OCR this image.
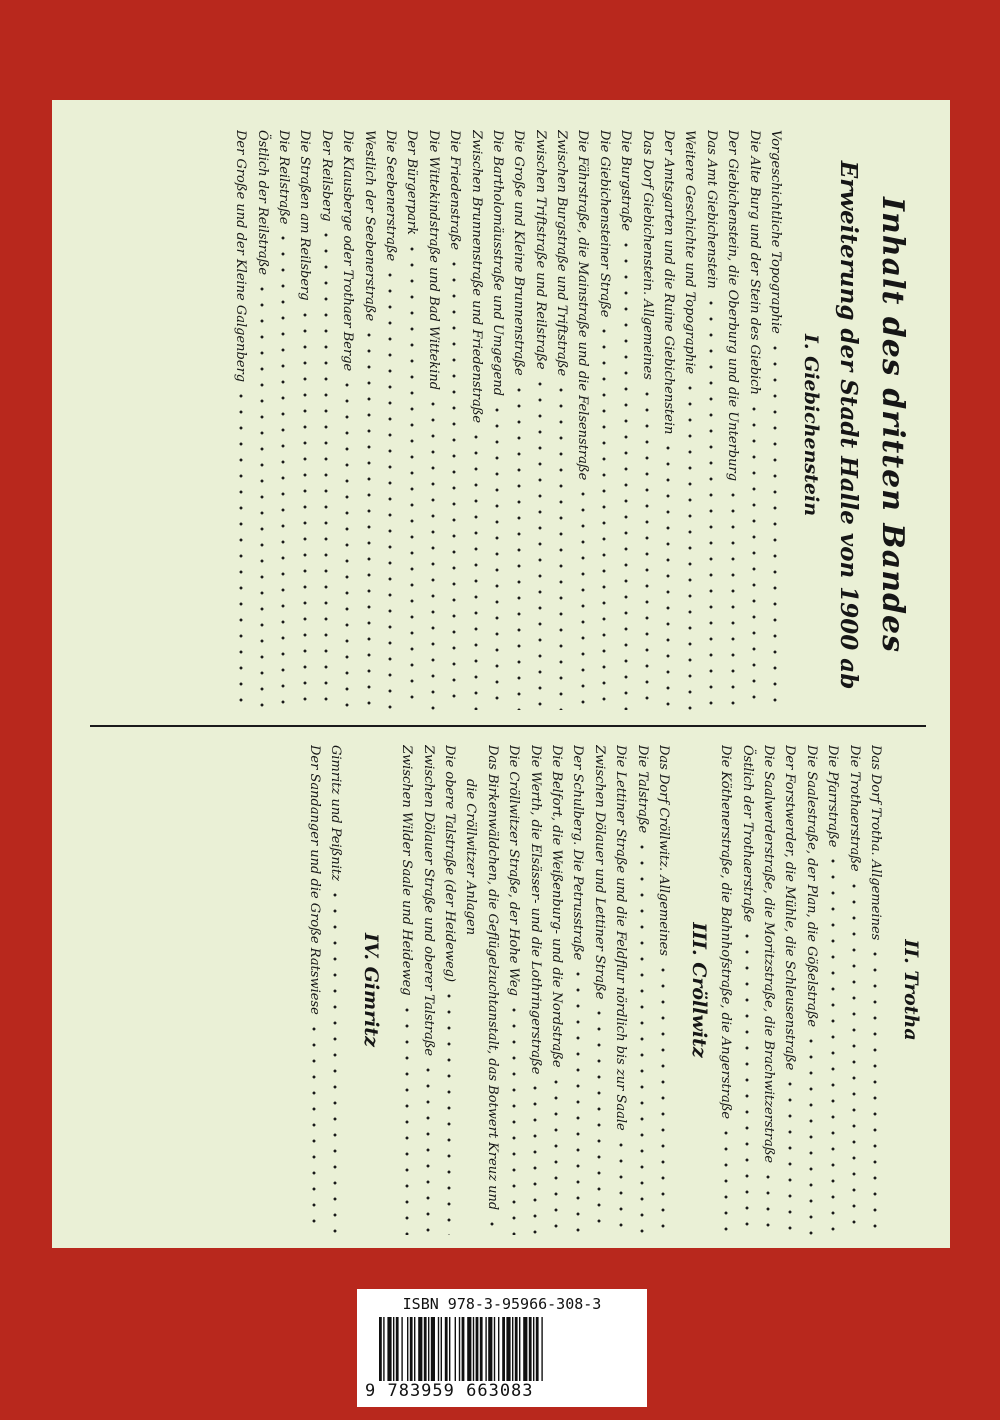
Inhalt des dritten Bandes
Erweiterung der Stadt Halle von 1900 ab
I. Giebichenstein
Vorgeschichtliche Topographie
Die Alte Burg und der Stein des Giebich
Der Giebichenstein, die Oberburg und die Unterburg
Das Amt Giebichenstein
Weitere Geschichte und Topographie
Der Amtsgarten und die Ruine Giebichenstein
Das Dorf Giebichenstein. Allgemeines
Die Burgstraße
Die Giebichensteiner Straße
Die Fährstraße, die Mainstraße und die Felsenstraße
Zwischen Burgstraße und Triftstraße
Zwischen Triftstraße und Reilstraße
Die Große und Kleine Brunnenstraße
Die Bartholomäusstraße und Umgegend
Zwischen Brunnenstraße und Friedenstraße
Die Friedenstraße
Die Wittekindstraße und Bad Wittekind
Der Bürgerpark
Die Seebenerstraße
Westlich der Seebenerstraße
Die Klausberge oder Trothaer Berge
Der Reilsberg
Die Straßen am Reilsberg
Die Reilstraße
Östlich der Reilstraße
Der Große und der Kleine Galgenberg
II. Trotha
Das Dorf Trotha. Allgemeines
Die Trothaerstraße
Die Pfarrstraße
Die Saalestraße, der Plan, die Gößelstraße
Der Forstwerder, die Mühle, die Schleusenstraße
Die Saalwerderstraße, die Moritzstraße, die Brachwitzerstraße
Östlich der Trothaerstraße
Die Köthenerstraße, die Bahnhofstraße, die Angerstraße
III. Cröllwitz
Das Dorf Cröllwitz. Allgemeines
Die Talstraße
Die Lettiner Straße und die Feldflur nördlich bis zur Saale
Zwischen Dölauer und Lettiner Straße
Der Schulberg. Die Petrusstraße
Die Belfort, die Weißenburg- und die Nordstraße
Die Werth, die Elsässer- und die Lothringerstraße
Die Cröllwitzer Straße, der Hohe Weg
Das Birkenwäldchen, die Geflügelzuchtanstalt, das Botwert Kreuz und
die Cröllwitzer Anlagen
Die obere Talstraße (der Heideweg)
Zwischen Dölauer Straße und oberer Talstraße
Zwischen Wilder Saale und Heideweg
IV. Gimritz
Gimritz und Peißnitz
Der Sandanger und die Große Ratswiese
ISBN 978-3-95966-308-3
9 783959 663083
